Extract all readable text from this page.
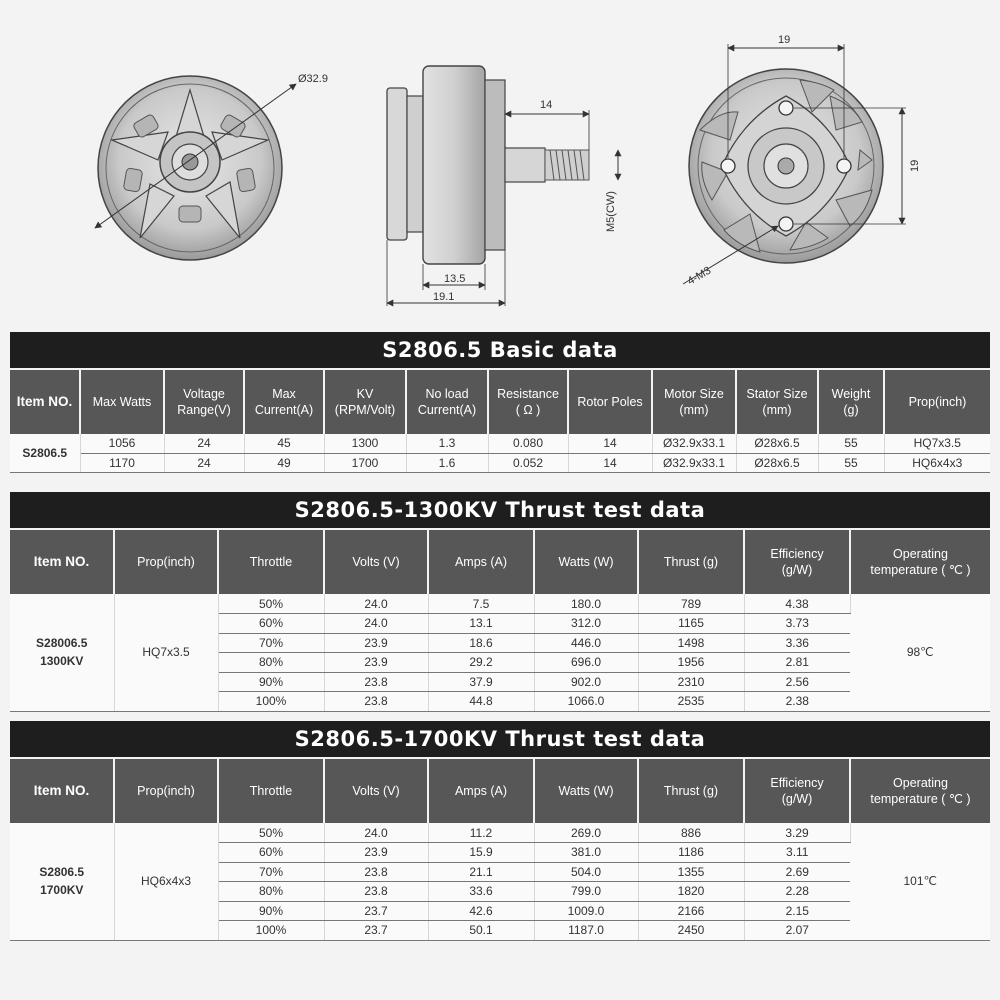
Ø32.9
14
M5(CW)
13.5
19.1
19
19
4-M3
S2806.5 Basic data
Item NO.	Max Watts	Voltage
Range(V)	Max
Current(A)	KV
(RPM/Volt)	No load
Current(A)	Resistance
( Ω )	Rotor Poles	Motor Size
(mm)	Stator Size
(mm)	Weight
(g)	Prop(inch)
S2806.5	1056	24	45	1300	1.3	0.080	14	Ø32.9x33.1	Ø28x6.5	55	HQ7x3.5
	1170	24	49	1700	1.6	0.052	14	Ø32.9x33.1	Ø28x6.5	55	HQ6x4x3
S2806.5-1300KV Thrust test data
Item NO.	Prop(inch)	Throttle	Volts (V)	Amps (A)	Watts (W)	Thrust (g)	Efficiency
(g/W)	Operating
temperature ( ℃ )
S28006.5
1300KV	HQ7x3.5	50%	24.0	7.5	180.0	789	4.38	98℃
		60%	24.0	13.1	312.0	1165	3.73	
		70%	23.9	18.6	446.0	1498	3.36	
		80%	23.9	29.2	696.0	1956	2.81	
		90%	23.8	37.9	902.0	2310	2.56	
		100%	23.8	44.8	1066.0	2535	2.38	
S2806.5-1700KV Thrust test data
Item NO.	Prop(inch)	Throttle	Volts (V)	Amps (A)	Watts (W)	Thrust (g)	Efficiency
(g/W)	Operating
temperature ( ℃ )
S2806.5
1700KV	HQ6x4x3	50%	24.0	11.2	269.0	886	3.29	101℃
		60%	23.9	15.9	381.0	1186	3.11	
		70%	23.8	21.1	504.0	1355	2.69	
		80%	23.8	33.6	799.0	1820	2.28	
		90%	23.7	42.6	1009.0	2166	2.15	
		100%	23.7	50.1	1187.0	2450	2.07	
